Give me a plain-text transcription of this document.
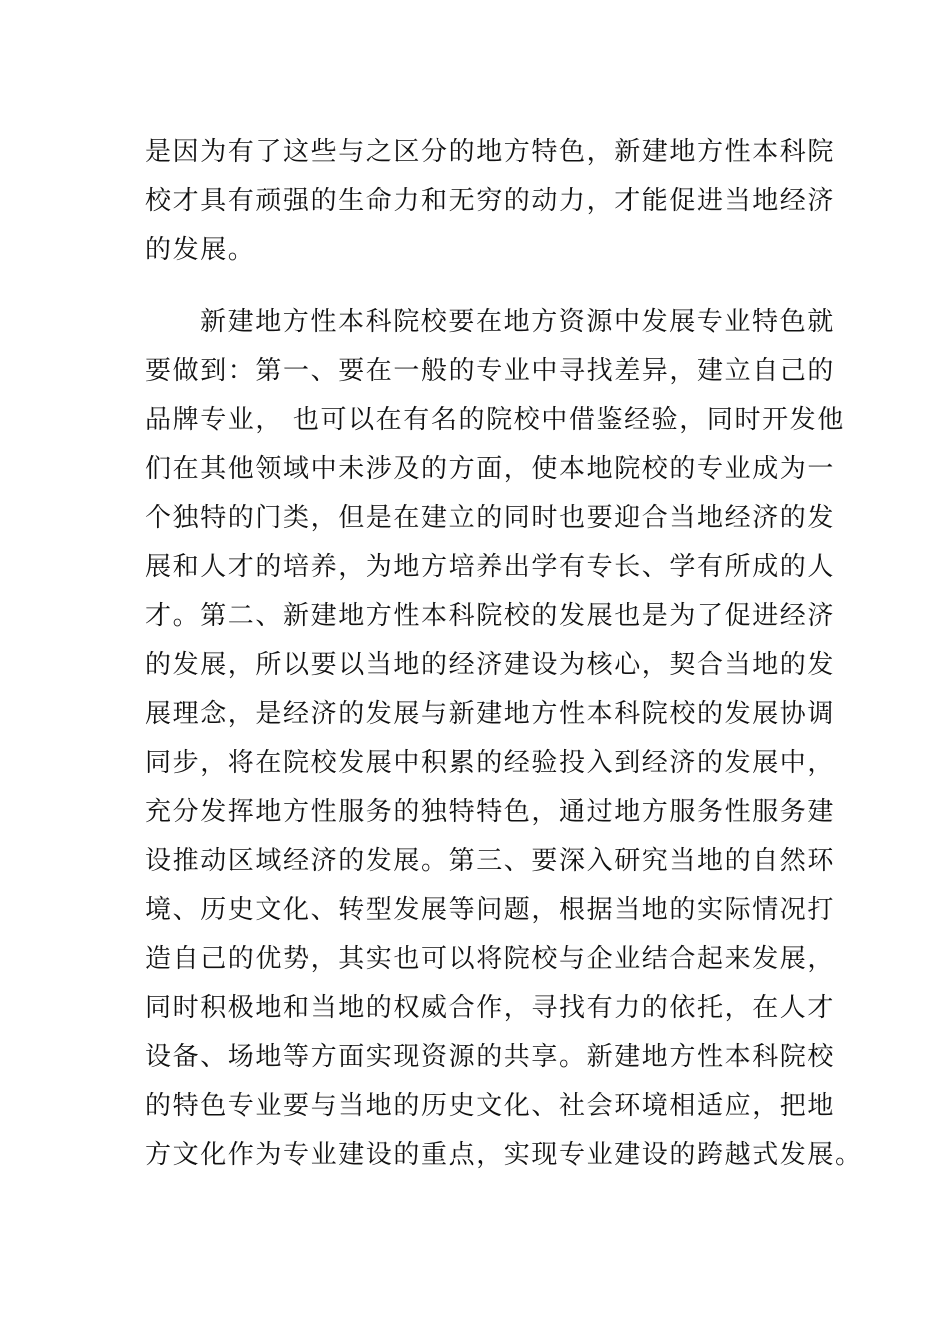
是因为有了这些与之区分的地方特色，新建地方性本科院
校才具有顽强的生命力和无穷的动力，才能促进当地经济
的发展。
新建地方性本科院校要在地方资源中发展专业特色就
要做到：第一、要在一般的专业中寻找差异，建立自己的
品牌专业， 也可以在有名的院校中借鉴经验，同时开发他
们在其他领域中未涉及的方面，使本地院校的专业成为一
个独特的门类，但是在建立的同时也要迎合当地经济的发
展和人才的培养，为地方培养出学有专长、学有所成的人
才。第二、新建地方性本科院校的发展也是为了促进经济
的发展，所以要以当地的经济建设为核心，契合当地的发
展理念，是经济的发展与新建地方性本科院校的发展协调
同步，将在院校发展中积累的经验投入到经济的发展中，
充分发挥地方性服务的独特特色，通过地方服务性服务建
设推动区域经济的发展。第三、要深入研究当地的自然环
境、历史文化、转型发展等问题，根据当地的实际情况打
造自己的优势，其实也可以将院校与企业结合起来发展，
同时积极地和当地的权威合作，寻找有力的依托，在人才
设备、场地等方面实现资源的共享。新建地方性本科院校
的特色专业要与当地的历史文化、社会环境相适应，把地
方文化作为专业建设的重点，实现专业建设的跨越式发展。
